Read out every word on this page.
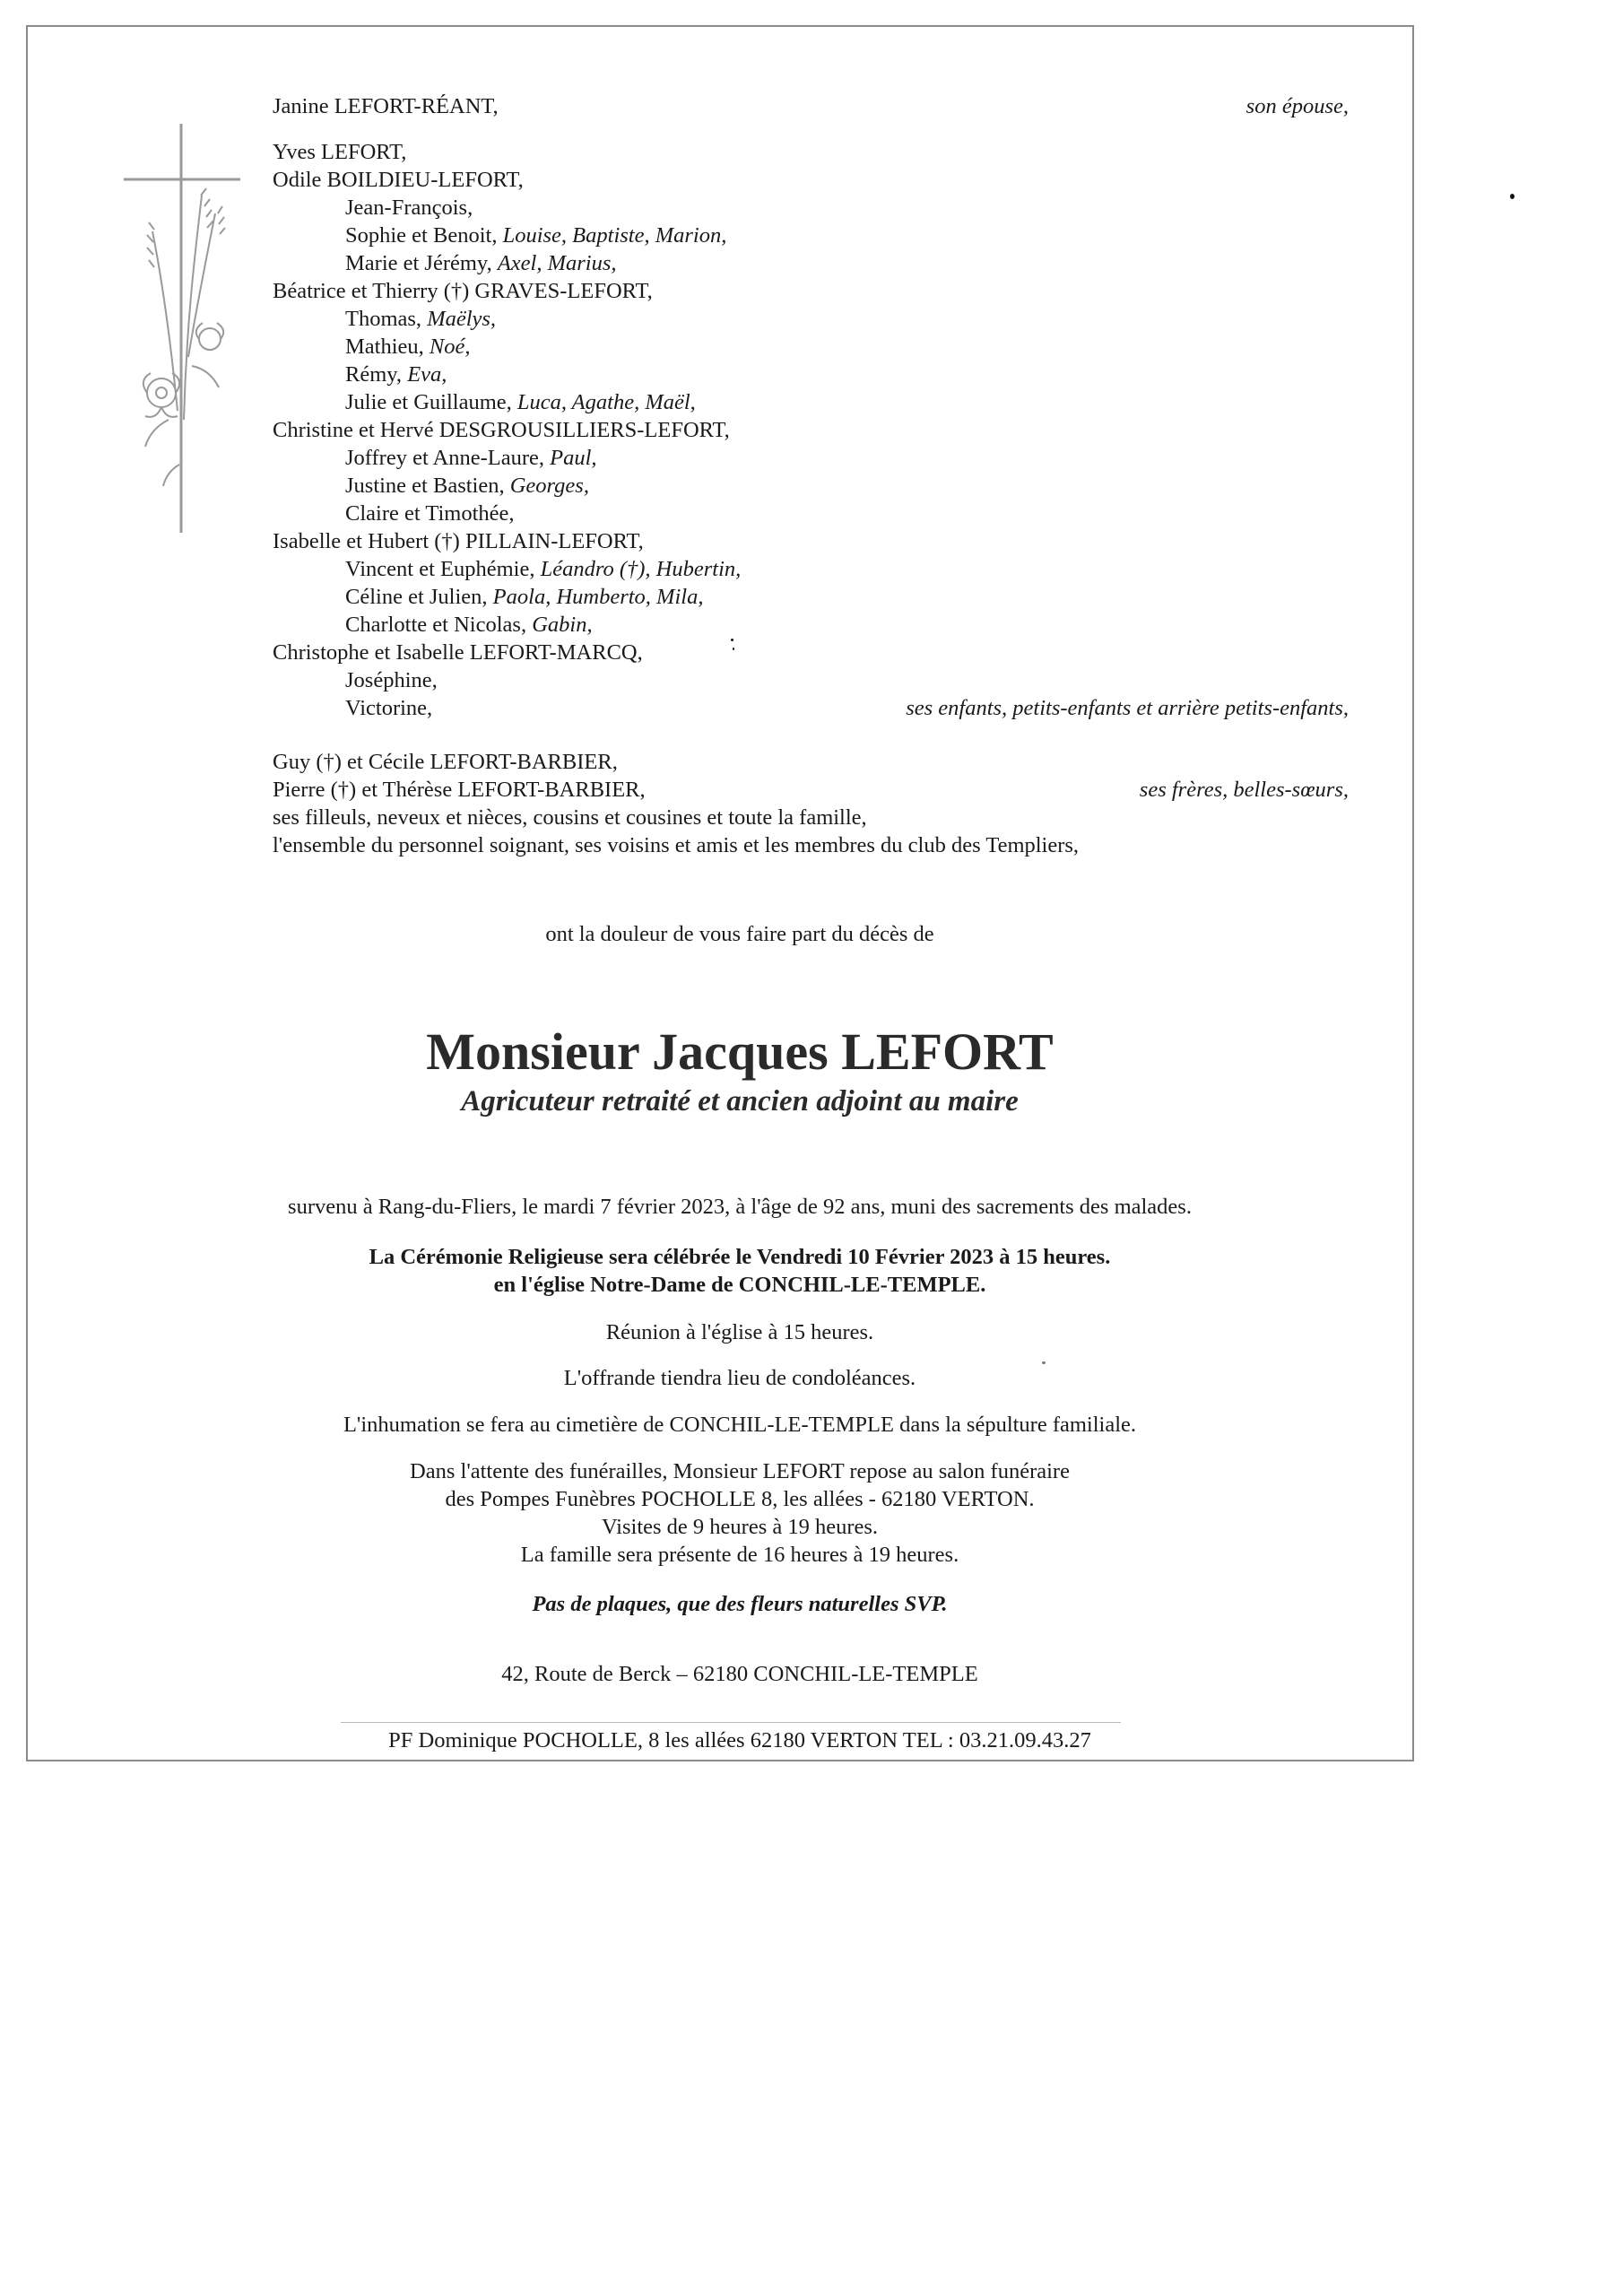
Janine LEFORT-RÉANT,
Yves LEFORT,
Odile BOILDIEU-LEFORT,
Jean-François,
Sophie et Benoit, Louise, Baptiste, Marion,
Marie et Jérémy, Axel, Marius,
Béatrice et Thierry (†) GRAVES-LEFORT,
Thomas, Maëlys,
Mathieu, Noé,
Rémy, Eva,
Julie et Guillaume, Luca, Agathe, Maël,
Christine et Hervé DESGROUSILLIERS-LEFORT,
Joffrey et Anne-Laure, Paul,
Justine et Bastien, Georges,
Claire et Timothée,
Isabelle et Hubert (†) PILLAIN-LEFORT,
Vincent et Euphémie, Léandro (†), Hubertin,
Céline et Julien, Paola, Humberto, Mila,
Charlotte et Nicolas, Gabin,
Christophe et Isabelle LEFORT-MARCQ,
Joséphine,
Victorine,
Guy (†) et Cécile LEFORT-BARBIER,
Pierre (†) et Thérèse LEFORT-BARBIER,
ses filleuls, neveux et nièces, cousins et cousines et toute la famille,
l'ensemble du personnel soignant, ses voisins et amis et les membres du club des Templiers,
son épouse,
ses enfants, petits-enfants et arrière petits-enfants,
ses frères, belles-sœurs,
ont la douleur de vous faire part du décès de
Monsieur Jacques LEFORT
Agricuteur retraité et ancien adjoint au maire
survenu à Rang-du-Fliers, le mardi 7 février 2023, à l'âge de 92 ans, muni des sacrements des malades.
La Cérémonie Religieuse sera célébrée le Vendredi 10 Février 2023 à 15 heures.
en l'église Notre-Dame de CONCHIL-LE-TEMPLE.
Réunion à l'église à 15 heures.
L'offrande tiendra lieu de condoléances.
L'inhumation se fera au cimetière de CONCHIL-LE-TEMPLE dans la sépulture familiale.
Dans l'attente des funérailles, Monsieur LEFORT repose au salon funéraire
des Pompes Funèbres POCHOLLE 8, les allées - 62180 VERTON.
Visites de 9 heures à 19 heures.
La famille sera présente de 16 heures à 19 heures.
Pas de plaques, que des fleurs naturelles SVP.
42, Route de Berck – 62180 CONCHIL-LE-TEMPLE
PF Dominique POCHOLLE, 8 les allées 62180 VERTON TEL : 03.21.09.43.27
